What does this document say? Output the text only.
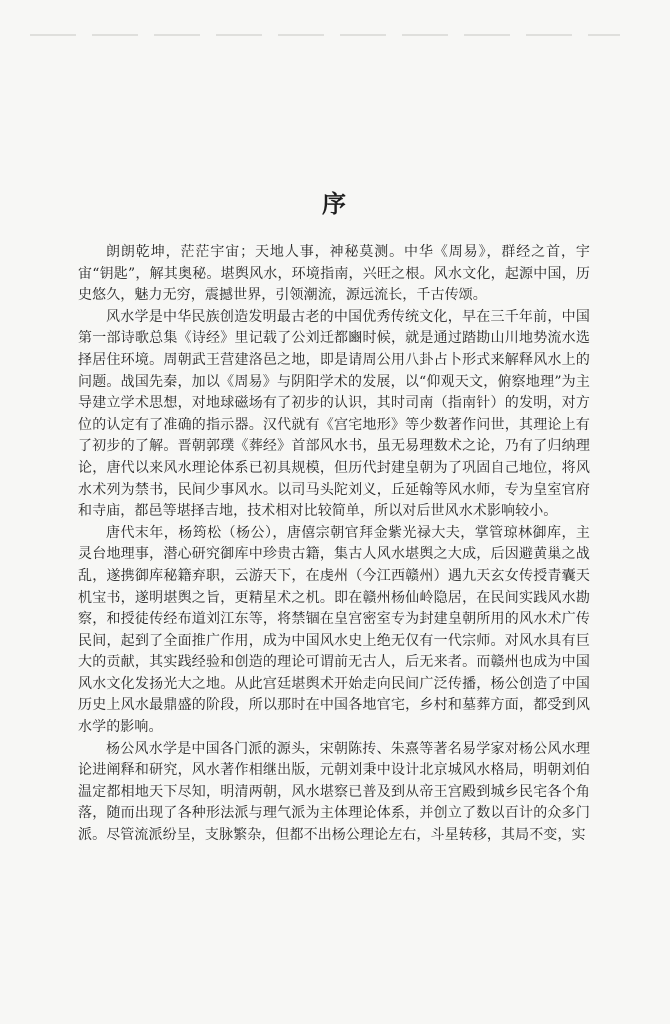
序

朗朗乾坤，茫茫宇宙；天地人事，神秘莫测。中华《周易》，群经之首，宇宙“钥匙”，解其奥秘。堪舆风水，环境指南，兴旺之根。风水文化，起源中国，历史悠久，魅力无穷，震撼世界，引领潮流，源远流长，千古传颂。

风水学是中华民族创造发明最古老的中国优秀传统文化，早在三千年前，中国第一部诗歌总集《诗经》里记载了公刘迁都豳时候，就是通过踏勘山川地势流水选择居住环境。周朝武王营建洛邑之地，即是请周公用八卦占卜形式来解释风水上的问题。战国先秦，加以《周易》与阴阳学术的发展，以“仰观天文，俯察地理”为主导建立学术思想，对地球磁场有了初步的认识，其时司南（指南针）的发明，对方位的认定有了准确的指示器。汉代就有《宫宅地形》等少数著作问世，其理论上有了初步的了解。晋朝郭璞《葬经》首部风水书，虽无易理数术之论，乃有了归纳理论，唐代以来风水理论体系已初具规模，但历代封建皇朝为了巩固自己地位，将风水术列为禁书，民间少事风水。以司马头陀刘义，丘延翰等风水师，专为皇室官府和寺庙，都邑等堪择吉地，技术相对比较简单，所以对后世风水术影响较小。

唐代末年，杨筠松（杨公），唐僖宗朝官拜金紫光禄大夫，掌管琼林御库，主灵台地理事，潜心研究御库中珍贵古籍，集古人风水堪舆之大成，后因避黄巢之战乱，遂携御库秘籍弃职，云游天下，在虔州（今江西赣州）遇九天玄女传授青囊天机宝书，遂明堪舆之旨，更精星术之机。即在赣州杨仙岭隐居，在民间实践风水勘察，和授徒传经布道刘江东等，将禁锢在皇宫密室专为封建皇朝所用的风水术广传民间，起到了全面推广作用，成为中国风水史上绝无仅有一代宗师。对风水具有巨大的贡献，其实践经验和创造的理论可谓前无古人，后无来者。而赣州也成为中国风水文化发扬光大之地。从此宫廷堪舆术开始走向民间广泛传播，杨公创造了中国历史上风水最鼎盛的阶段，所以那时在中国各地官宅，乡村和墓葬方面，都受到风水学的影响。

杨公风水学是中国各门派的源头，宋朝陈抟、朱熹等著名易学家对杨公风水理论进阐释和研究，风水著作相继出版，元朝刘秉中设计北京城风水格局，明朝刘伯温定都相地天下尽知，明清两朝，风水堪察已普及到从帝王宫殿到城乡民宅各个角落，随而出现了各种形法派与理气派为主体理论体系，并创立了数以百计的众多门派。尽管流派纷呈，支脉繁杂，但都不出杨公理论左右，斗星转移，其局不变，实
